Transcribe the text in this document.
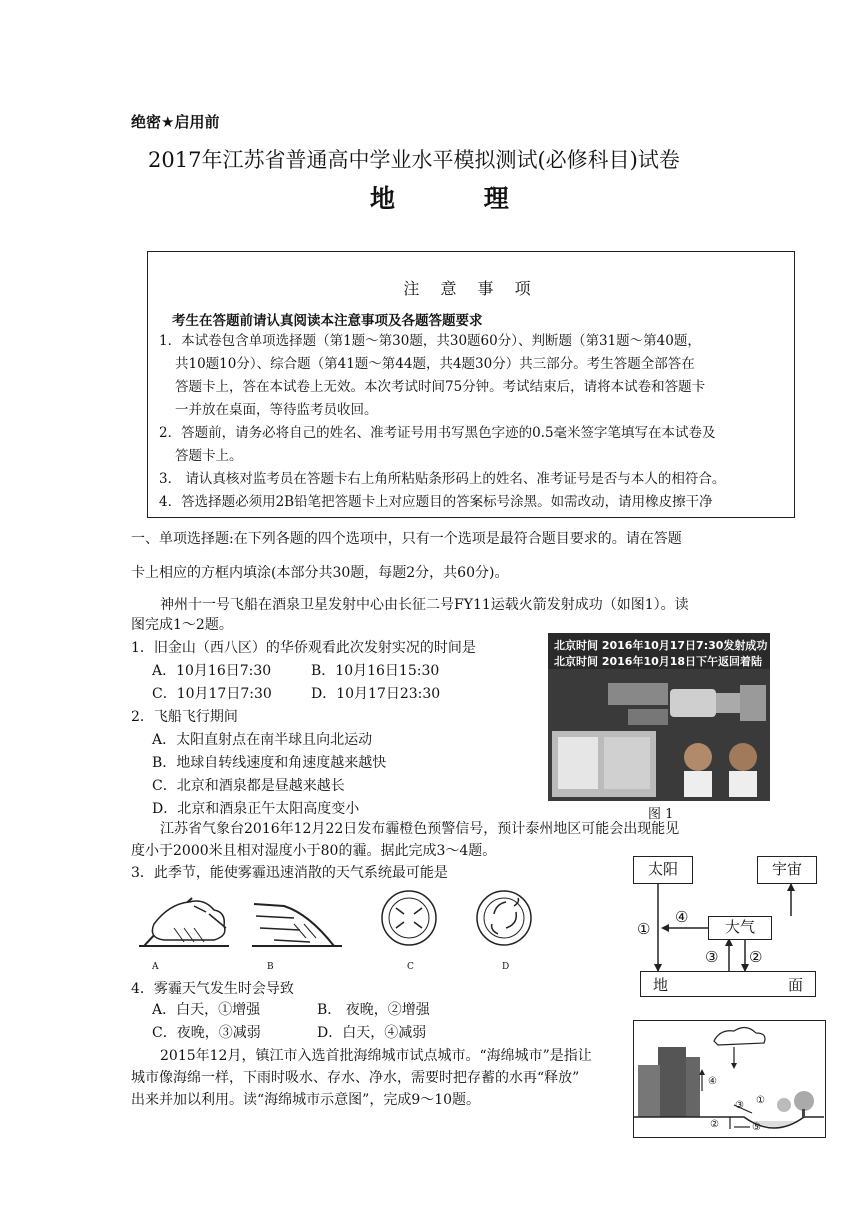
绝密★启用前
2017年江苏省普通高中学业水平模拟测试(必修科目)试卷
地 理
注 意 事 项
考生在答题前请认真阅读本注意事项及各题答题要求
1．本试卷包含单项选择题（第1题～第30题，共30题60分）、判断题（第31题～第40题，
共10题10分）、综合题（第41题～第44题，共4题30分）共三部分。考生答题全部答在
答题卡上，答在本试卷上无效。本次考试时间75分钟。考试结束后，请将本试卷和答题卡
一并放在桌面，等待监考员收回。
2．答题前，请务必将自己的姓名、准考证号用书写黑色字迹的0.5毫米签字笔填写在本试卷及
答题卡上。
3． 请认真核对监考员在答题卡右上角所粘贴条形码上的姓名、准考证号是否与本人的相符合。
4．答选择题必须用2B铅笔把答题卡上对应题目的答案标号涂黑。如需改动，请用橡皮擦干净
一、单项选择题:在下列各题的四个选项中，只有一个选项是最符合题目要求的。请在答题
卡上相应的方框内填涂(本部分共30题，每题2分，共60分)。
神州十一号飞船在酒泉卫星发射中心由长征二号FY11运载火箭发射成功（如图1）。读
图完成1～2题。
1．旧金山（西八区）的华侨观看此次发射实况的时间是
A．10月16日7:30	B．10月16日15:30
C．10月17日7:30	D．10月17日23:30
2．飞船飞行期间
A．太阳直射点在南半球且向北运动
B．地球自转线速度和角速度越来越快
C．北京和酒泉都是昼越来越长
D．北京和酒泉正午太阳高度变小
北京时间 2016年10月17日7:30发射成功
北京时间 2016年10月18日下午返回着陆
图 1
江苏省气象台2016年12月22日发布霾橙色预警信号，预计泰州地区可能会出现能见
度小于2000米且相对湿度小于80的霾。据此完成3～4题。
3．此季节，能使雾霾迅速消散的天气系统最可能是
A	B	C	D
4．雾霾天气发生时会导致
A．白天，①增强	B． 夜晚，②增强
C．夜晚，③减弱	D．白天，④减弱
太阳	宇宙
大气
地	面
①
②
③
④
2015年12月，镇江市入选首批海绵城市试点城市。“海绵城市”是指让
城市像海绵一样，下雨时吸水、存水、净水，需要时把存蓄的水再“释放”
出来并加以利用。读“海绵城市示意图”，完成9～10题。	①
②
③
④
⑤
